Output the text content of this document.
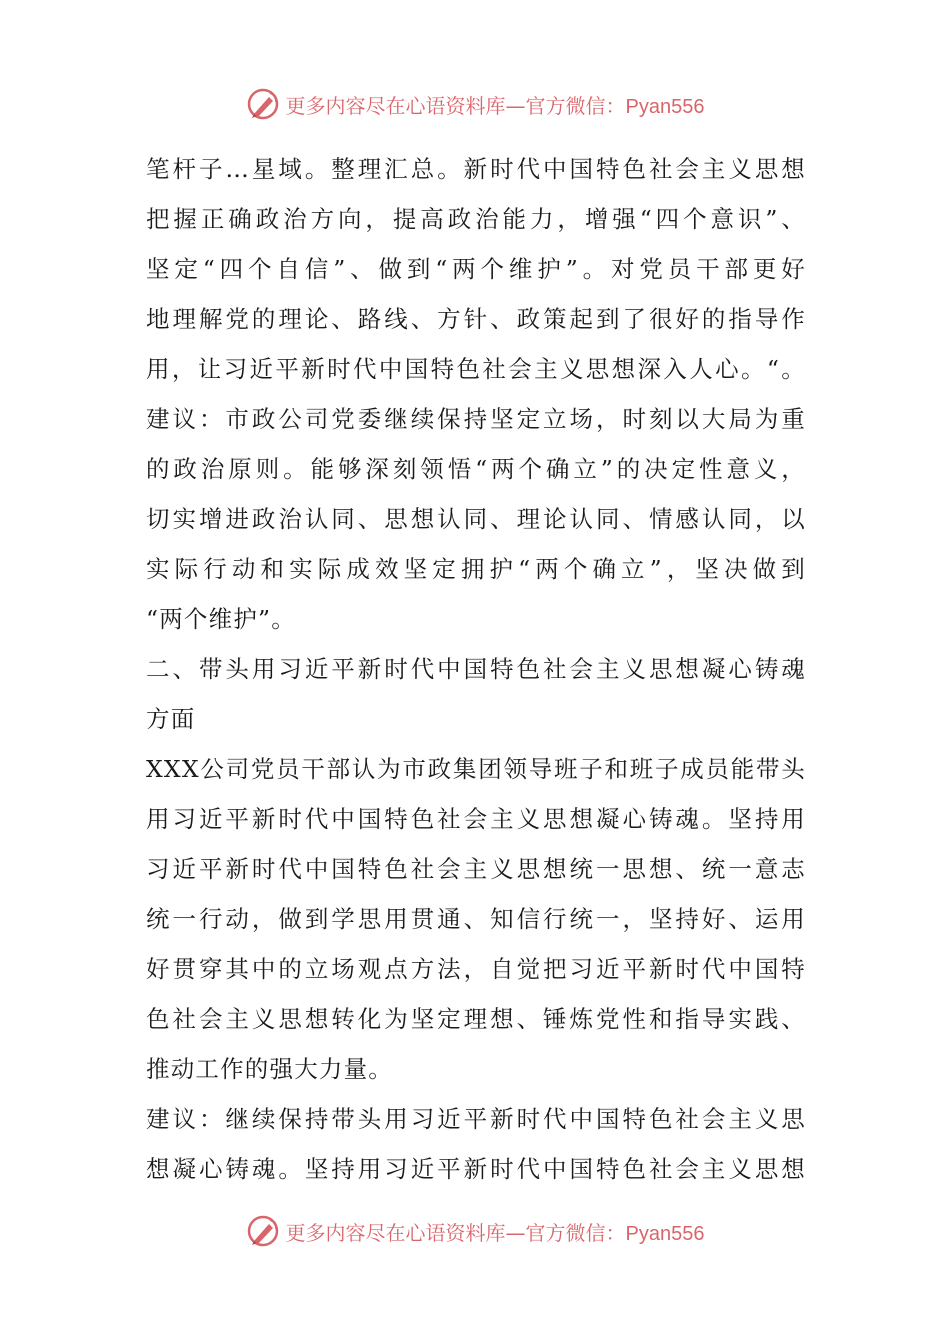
更多内容尽在心语资料库—官方微信：Pyan556
笔杆子…星域。整理汇总。新时代中国特色社会主义思想
把握正确政治方向，提高政治能力，增强“四个意识”、
坚定“四个自信”、做到“两个维护”。对党员干部更好
地理解党的理论、路线、方针、政策起到了很好的指导作
用，让习近平新时代中国特色社会主义思想深入人心。“。
建议：市政公司党委继续保持坚定立场，时刻以大局为重
的政治原则。能够深刻领悟“两个确立”的决定性意义，
切实增进政治认同、思想认同、理论认同、情感认同，以
实际行动和实际成效坚定拥护“两个确立”，坚决做到
“两个维护”。
二、带头用习近平新时代中国特色社会主义思想凝心铸魂
方面
XXX公司党员干部认为市政集团领导班子和班子成员能带头
用习近平新时代中国特色社会主义思想凝心铸魂。坚持用
习近平新时代中国特色社会主义思想统一思想、统一意志
统一行动，做到学思用贯通、知信行统一，坚持好、运用
好贯穿其中的立场观点方法，自觉把习近平新时代中国特
色社会主义思想转化为坚定理想、锤炼党性和指导实践、
推动工作的强大力量。
建议：继续保持带头用习近平新时代中国特色社会主义思
想凝心铸魂。坚持用习近平新时代中国特色社会主义思想
更多内容尽在心语资料库—官方微信：Pyan556
